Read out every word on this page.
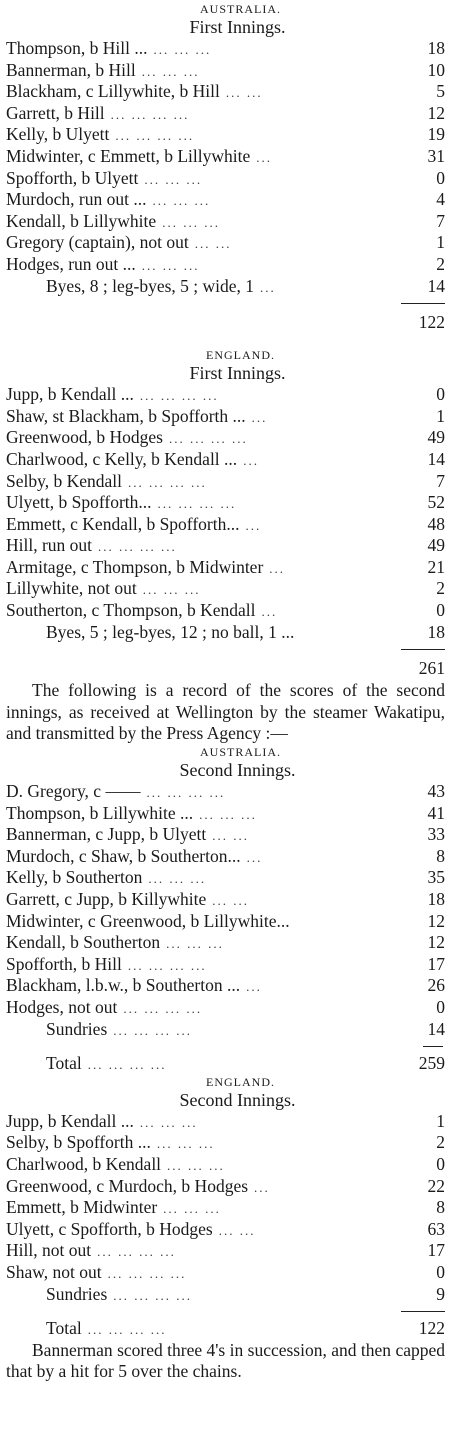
AUSTRALIA.
First Innings.
Thompson, b Hill ... ... ... ...	18
Bannerman, b Hill ... ... ...	10
Blackham, c Lillywhite, b Hill ... ...	5
Garrett, b Hill ... ... ... ...	12
Kelly, b Ulyett ... ... ... ...	19
Midwinter, c Emmett, b Lillywhite ...	31
Spofforth, b Ulyett ... ... ...	0
Murdoch, run out ... ... ... ...	4
Kendall, b Lillywhite ... ... ...	7
Gregory (captain), not out ... ...	1
Hodges, run out ... ... ... ...	2
Byes, 8 ; leg-byes, 5 ; wide, 1 ...	14
122
ENGLAND.
First Innings.
Jupp, b Kendall ... ... ... ... ...	0
Shaw, st Blackham, b Spofforth ... ...	1
Greenwood, b Hodges ... ... ... ...	49
Charlwood, c Kelly, b Kendall ... ...	14
Selby, b Kendall ... ... ... ...	7
Ulyett, b Spofforth... ... ... ... ...	52
Emmett, c Kendall, b Spofforth... ...	48
Hill, run out ... ... ... ...	49
Armitage, c Thompson, b Midwinter ...	21
Lillywhite, not out ... ... ...	2
Southerton, c Thompson, b Kendall ...	0
Byes, 5 ; leg-byes, 12 ; no ball, 1 ...	18
261

The following is a record of the scores of the second innings, as received at Wellington by the steamer Wakatipu, and transmitted by the Press Agency :—

AUSTRALIA.
Second Innings.
D. Gregory, c —— ... ... ... ...	43
Thompson, b Lillywhite ... ... ... ...	41
Bannerman, c Jupp, b Ulyett ... ...	33
Murdoch, c Shaw, b Southerton... ...	8
Kelly, b Southerton ... ... ...	35
Garrett, c Jupp, b Killywhite ... ...	18
Midwinter, c Greenwood, b Lillywhite...	12
Kendall, b Southerton ... ... ...	12
Spofforth, b Hill ... ... ... ...	17
Blackham, l.b.w., b Southerton ... ...	26
Hodges, not out ... ... ... ...	0
Sundries ... ... ... ...	14
Total ... ... ... ...	259
ENGLAND.
Second Innings.
Jupp, b Kendall ... ... ... ...	1
Selby, b Spofforth ... ... ... ...	2
Charlwood, b Kendall ... ... ...	0
Greenwood, c Murdoch, b Hodges ...	22
Emmett, b Midwinter ... ... ...	8
Ulyett, c Spofforth, b Hodges ... ...	63
Hill, not out ... ... ... ...	17
Shaw, not out ... ... ... ...	0
Sundries ... ... ... ...	9
Total ... ... ... ...	122

Bannerman scored three 4's in succession, and then capped that by a hit for 5 over the chains.
